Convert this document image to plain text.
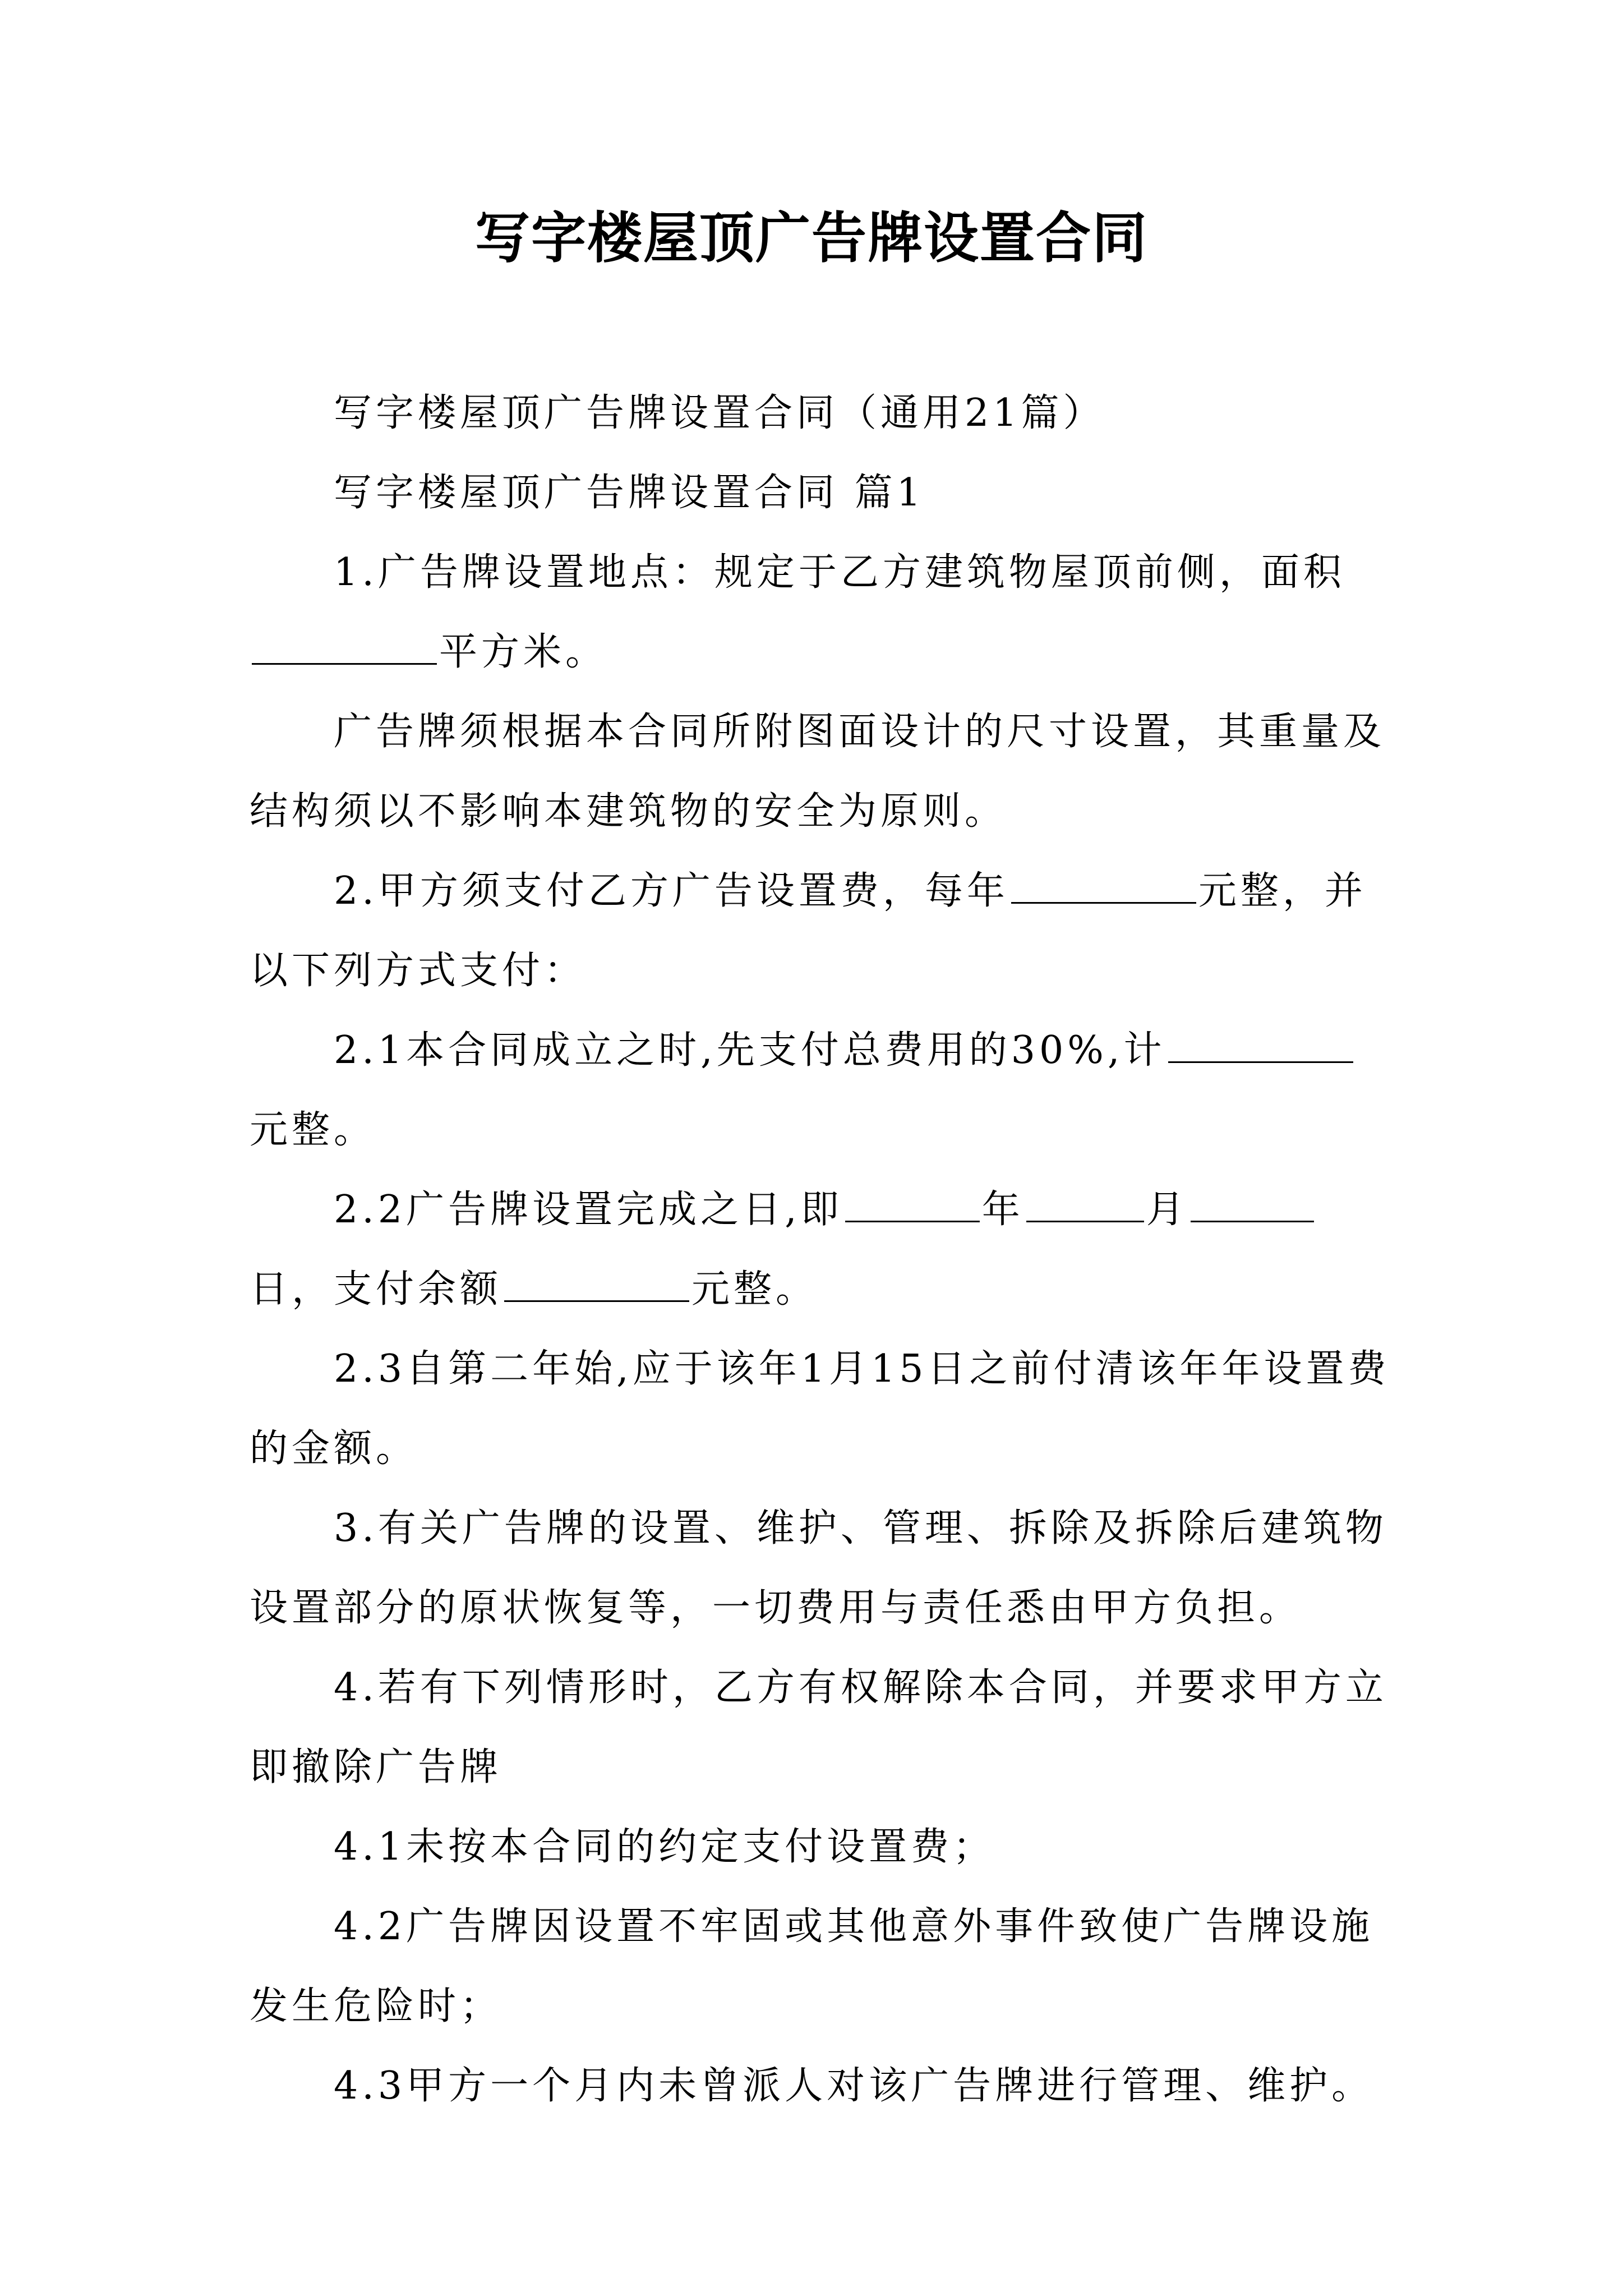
写字楼屋顶广告牌设置合同

写字楼屋顶广告牌设置合同（通用21篇）

写字楼屋顶广告牌设置合同 篇1

1.广告牌设置地点：规定于乙方建筑物屋顶前侧，面积平方米。

广告牌须根据本合同所附图面设计的尺寸设置，其重量及结构须以不影响本建筑物的安全为原则。

2.甲方须支付乙方广告设置费，每年	元整，并以下列方式支付：

2.1本合同成立之时,先支付总费用的30%,计元整。

2.2广告牌设置完成之日,即	年	月日，支付余额	元整。

2.3自第二年始,应于该年1月15日之前付清该年年设置费的金额。

3.有关广告牌的设置、维护、管理、拆除及拆除后建筑物设置部分的原状恢复等，一切费用与责任悉由甲方负担。

4.若有下列情形时，乙方有权解除本合同，并要求甲方立即撤除广告牌

4.1未按本合同的约定支付设置费；

4.2广告牌因设置不牢固或其他意外事件致使广告牌设施发生危险时；

4.3甲方一个月内未曾派人对该广告牌进行管理、维护。
